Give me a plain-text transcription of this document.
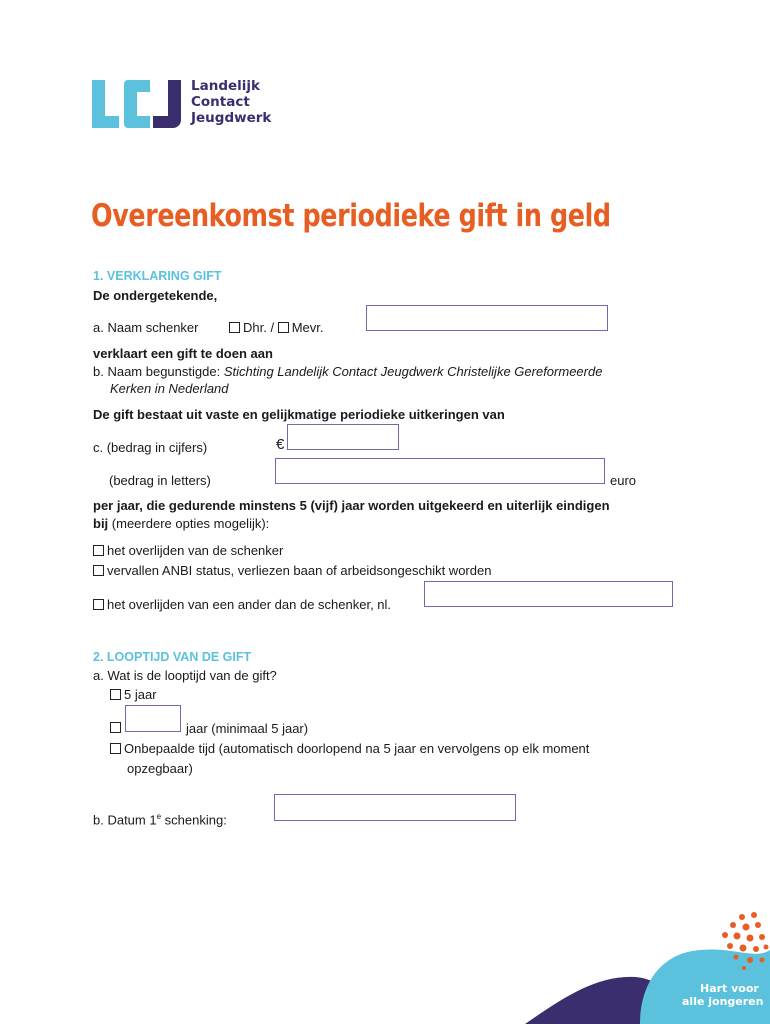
Landelijk
Contact
Jeugdwerk
Overeenkomst periodieke gift in geld
1. VERKLARING GIFT
De ondergetekende,
a. Naam schenker	Dhr. / Mevr.
verklaart een gift te doen aan
b. Naam begunstigde: Stichting Landelijk Contact Jeugdwerk Christelijke Gereformeerde
Kerken in Nederland
De gift bestaat uit vaste en gelijkmatige periodieke uitkeringen van
c. (bedrag in cijfers)	€
(bedrag in letters)	euro
per jaar, die gedurende minstens 5 (vijf) jaar worden uitgekeerd en uiterlijk eindigen
bij (meerdere opties mogelijk):
het overlijden van de schenker
vervallen ANBI status, verliezen baan of arbeidsongeschikt worden
het overlijden van een ander dan de schenker, nl.
2. LOOPTIJD VAN DE GIFT
a. Wat is de looptijd van de gift?
5 jaar
jaar (minimaal 5 jaar)
Onbepaalde tijd (automatisch doorlopend na 5 jaar en vervolgens op elk moment
opzegbaar)
b. Datum 1e schenking:
Hart voor
alle jongeren
